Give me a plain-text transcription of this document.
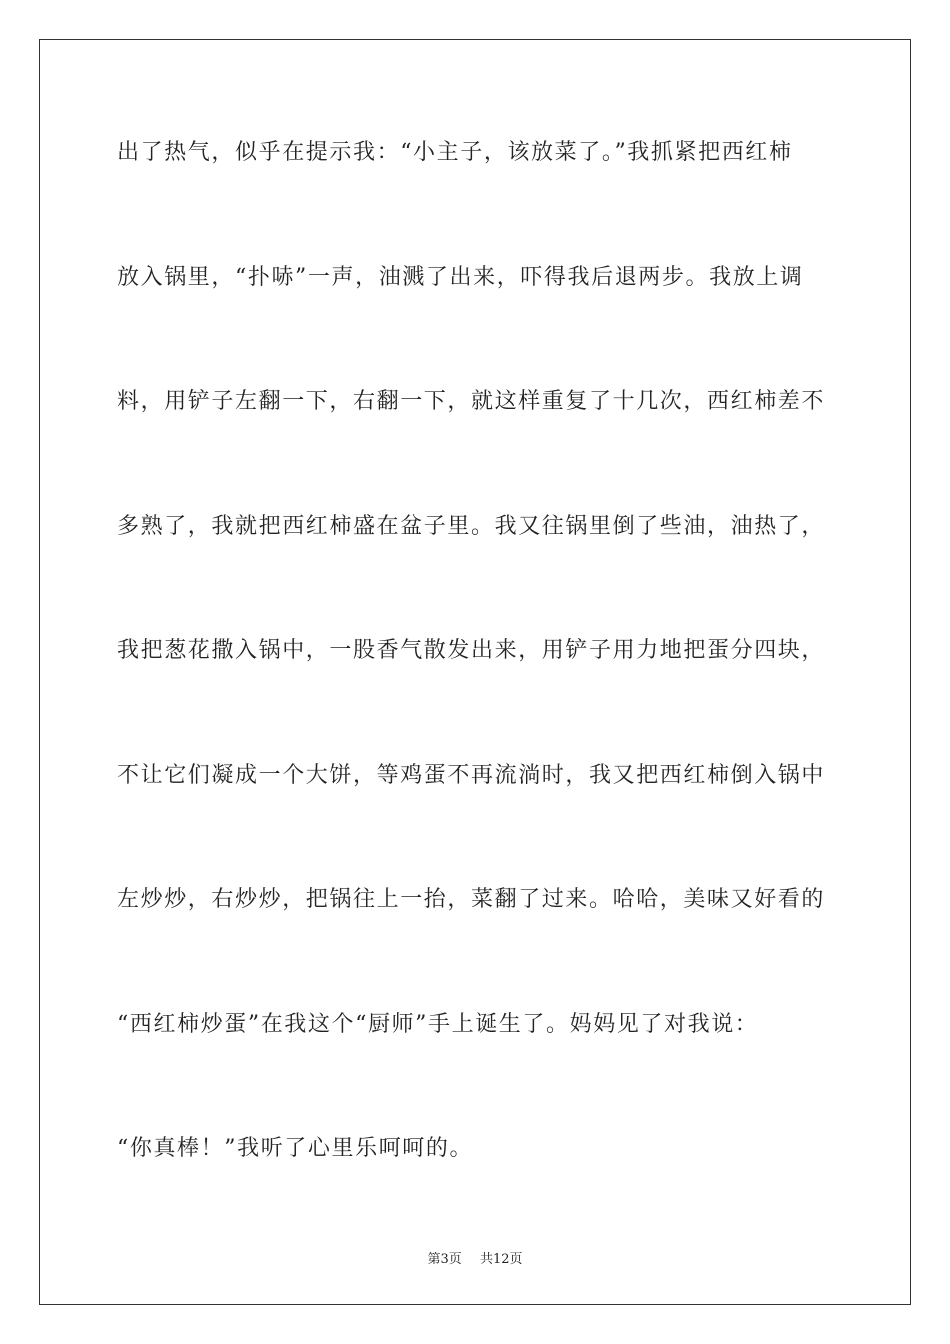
出了热气，似乎在提示我：“小主子，该放菜了。”我抓紧把西红柿
放入锅里，“扑哧”一声，油溅了出来，吓得我后退两步。我放上调
料，用铲子左翻一下，右翻一下，就这样重复了十几次，西红柿差不
多熟了，我就把西红柿盛在盆子里。我又往锅里倒了些油，油热了，
我把葱花撒入锅中，一股香气散发出来，用铲子用力地把蛋分四块，
不让它们凝成一个大饼，等鸡蛋不再流淌时，我又把西红柿倒入锅中
左炒炒，右炒炒，把锅往上一抬，菜翻了过来。哈哈，美味又好看的
“西红柿炒蛋”在我这个“厨师”手上诞生了。妈妈见了对我说：
“你真棒！”我听了心里乐呵呵的。
第3页 共12页
